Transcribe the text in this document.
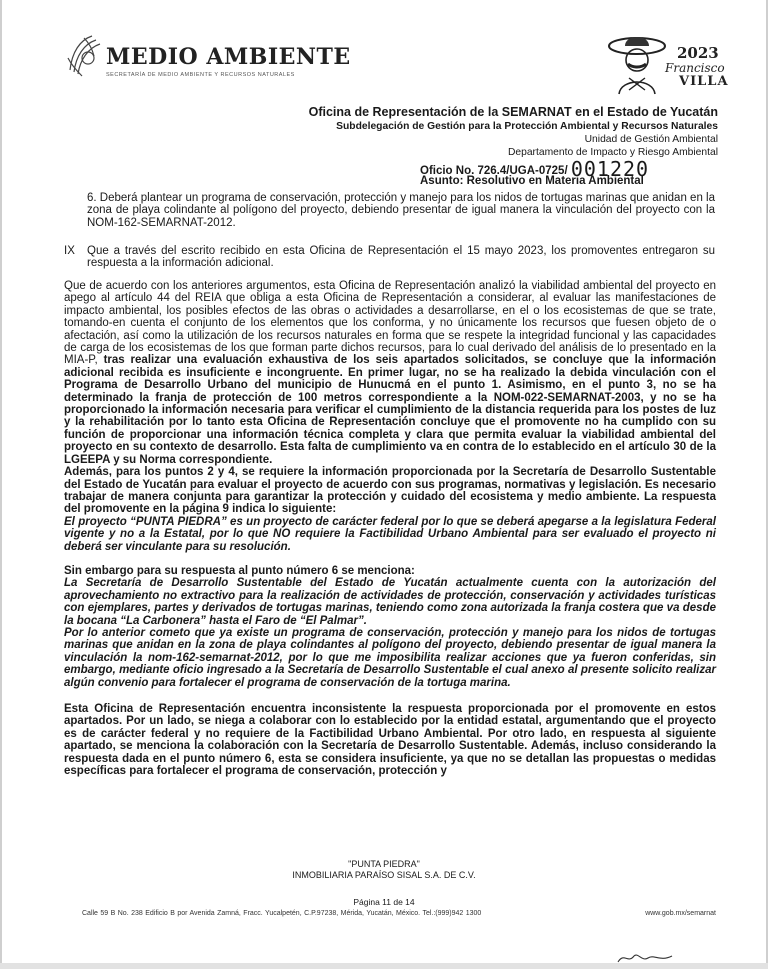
MEDIO AMBIENTE
SECRETARÍA DE MEDIO AMBIENTE Y RECURSOS NATURALES
2023
Francisco
VILLA
Oficina de Representación de la SEMARNAT en el Estado de Yucatán
Subdelegación de Gestión para la Protección Ambiental y Recursos Naturales
Unidad de Gestión Ambiental
Departamento de Impacto y Riesgo Ambiental
Oficio No. 726.4/UGA-0725/ 001220
Asunto: Resolutivo en Materia Ambiental
6. Deberá plantear un programa de conservación, protección y manejo para los nidos de tortugas marinas que anidan en la zona de playa colindante al polígono del proyecto, debiendo presentar de igual manera la vinculación del proyecto con la NOM-162-SEMARNAT-2012.
IX	Que a través del escrito recibido en esta Oficina de Representación el 15 mayo 2023, los promoventes entregaron su respuesta a la información adicional.

Que de acuerdo con los anteriores argumentos, esta Oficina de Representación analizó la viabilidad ambiental del proyecto en apego al artículo 44 del REIA que obliga a esta Oficina de Representación a considerar, al evaluar las manifestaciones de impacto ambiental, los posibles efectos de las obras o actividades a desarrollarse, en el o los ecosistemas de que se trate, tomando-en cuenta el conjunto de los elementos que los conforma, y no únicamente los recursos que fuesen objeto de o afectación, así como la utilización de los recursos naturales en forma que se respete la integridad funcional y las capacidades de carga de los ecosistemas de los que forman parte dichos recursos, para lo cual derivado del análisis de lo presentado en la MIA-P, tras realizar una evaluación exhaustiva de los seis apartados solicitados, se concluye que la información adicional recibida es insuficiente e incongruente. En primer lugar, no se ha realizado la debida vinculación con el Programa de Desarrollo Urbano del municipio de Hunucmá en el punto 1. Asimismo, en el punto 3, no se ha determinado la franja de protección de 100 metros correspondiente a la NOM-022-SEMARNAT-2003, y no se ha proporcionado la información necesaria para verificar el cumplimiento de la distancia requerida para los postes de luz y la rehabilitación por lo tanto esta Oficina de Representación concluye que el promovente no ha cumplido con su función de proporcionar una información técnica completa y clara que permita evaluar la viabilidad ambiental del proyecto en su contexto de desarrollo. Esta falta de cumplimiento va en contra de lo establecido en el artículo 30 de la LGEEPA y su Norma correspondiente.

Además, para los puntos 2 y 4, se requiere la información proporcionada por la Secretaría de Desarrollo Sustentable del Estado de Yucatán para evaluar el proyecto de acuerdo con sus programas, normativas y legislación. Es necesario trabajar de manera conjunta para garantizar la protección y cuidado del ecosistema y medio ambiente. La respuesta del promovente en la página 9 indica lo siguiente:

El proyecto “PUNTA PIEDRA” es un proyecto de carácter federal por lo que se deberá apegarse a la legislatura Federal vigente y no a la Estatal, por lo que NO requiere la Factibilidad Urbano Ambiental para ser evaluado el proyecto ni deberá ser vinculante para su resolución.

Sin embargo para su respuesta al punto número 6 se menciona:

La Secretaría de Desarrollo Sustentable del Estado de Yucatán actualmente cuenta con la autorización del aprovechamiento no extractivo para la realización de actividades de protección, conservación y actividades turísticas con ejemplares, partes y derivados de tortugas marinas, teniendo como zona autorizada la franja costera que va desde la bocana “La Carbonera” hasta el Faro de “El Palmar”.

Por lo anterior cometo que ya existe un programa de conservación, protección y manejo para los nidos de tortugas marinas que anidan en la zona de playa colindantes al polígono del proyecto, debiendo presentar de igual manera la vinculación la nom-162-semarnat-2012, por lo que me imposibilita realizar acciones que ya fueron conferidas, sin embargo, mediante oficio ingresado a la Secretaría de Desarrollo Sustentable el cual anexo al presente solicito realizar algún convenio para fortalecer el programa de conservación de la tortuga marina.

Esta Oficina de Representación encuentra inconsistente la respuesta proporcionada por el promovente en estos apartados. Por un lado, se niega a colaborar con lo establecido por la entidad estatal, argumentando que el proyecto es de carácter federal y no requiere de la Factibilidad Urbano Ambiental. Por otro lado, en respuesta al siguiente apartado, se menciona la colaboración con la Secretaría de Desarrollo Sustentable. Además, incluso considerando la respuesta dada en el punto número 6, esta se considera insuficiente, ya que no se detallan las propuestas o medidas específicas para fortalecer el programa de conservación, protección y

"PUNTA PIEDRA"
INMOBILIARIA PARAÍSO SISAL S.A. DE C.V.
Página 11 de 14
Calle 59 B No. 238 Edificio B por Avenida Zamná, Fracc. Yucalpetén, C.P.97238, Mérida, Yucatán, México. Tel.:(999)942 1300	www.gob.mx/semarnat
